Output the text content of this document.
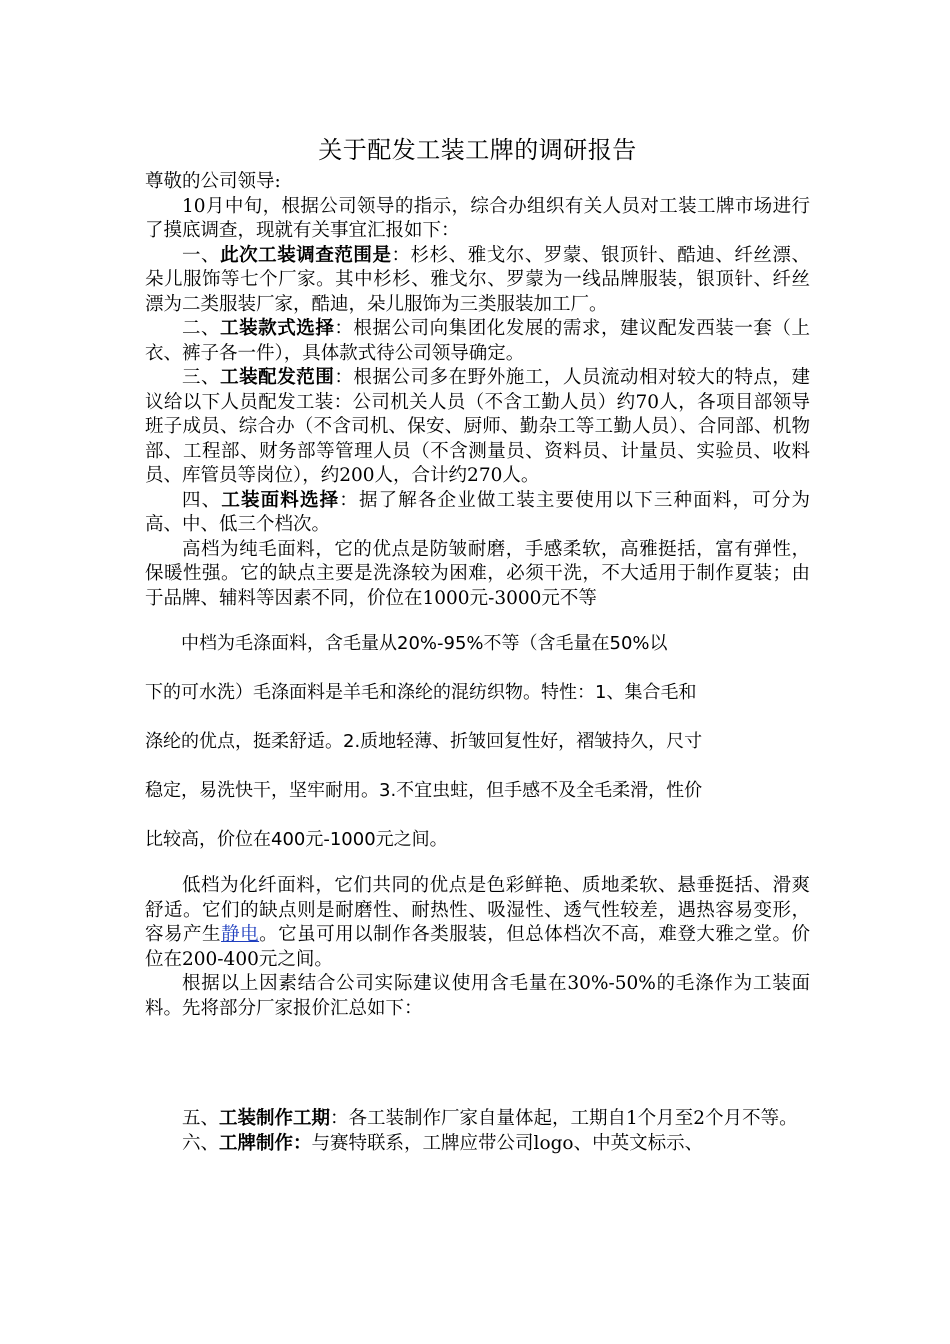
关于配发工装工牌的调研报告

尊敬的公司领导:

10月中旬，根据公司领导的指示，综合办组织有关人员对工装工牌市场进行了摸底调查，现就有关事宜汇报如下：

一、此次工装调查范围是：杉杉、雅戈尔、罗蒙、银顶针、酷迪、纤丝漂、朵儿服饰等七个厂家。其中杉杉、雅戈尔、罗蒙为一线品牌服装，银顶针、纤丝漂为二类服装厂家，酷迪，朵儿服饰为三类服装加工厂。

二、工装款式选择：根据公司向集团化发展的需求，建议配发西装一套（上衣、裤子各一件），具体款式待公司领导确定。

三、工装配发范围：根据公司多在野外施工，人员流动相对较大的特点，建议给以下人员配发工装：公司机关人员（不含工勤人员）约70人，各项目部领导班子成员、综合办（不含司机、保安、厨师、勤杂工等工勤人员）、合同部、机物部、工程部、财务部等管理人员（不含测量员、资料员、计量员、实验员、收料员、库管员等岗位），约200人，合计约270人。

四、工装面料选择：据了解各企业做工装主要使用以下三种面料，可分为高、中、低三个档次。

高档为纯毛面料，它的优点是防皱耐磨，手感柔软，高雅挺括，富有弹性，保暖性强。它的缺点主要是洗涤较为困难，必须干洗，不大适用于制作夏装；由于品牌、辅料等因素不同，价位在1000元-3000元不等

中档为毛涤面料，含毛量从20%-95%不等（含毛量在50%以
下的可水洗）毛涤面料是羊毛和涤纶的混纺织物。特性：1、集合毛和
涤纶的优点，挺柔舒适。2.质地轻薄、折皱回复性好，褶皱持久，尺寸
稳定，易洗快干，坚牢耐用。3.不宜虫蛀，但手感不及全毛柔滑，性价
比较高，价位在400元-1000元之间。

低档为化纤面料，它们共同的优点是色彩鲜艳、质地柔软、悬垂挺括、滑爽舒适。它们的缺点则是耐磨性、耐热性、吸湿性、透气性较差，遇热容易变形，容易产生静电。它虽可用以制作各类服装，但总体档次不高，难登大雅之堂。价位在200-400元之间。

根据以上因素结合公司实际建议使用含毛量在30%-50%的毛涤作为工装面料。先将部分厂家报价汇总如下：

五、工装制作工期：各工装制作厂家自量体起，工期自1个月至2个月不等。

六、工牌制作：与赛特联系，工牌应带公司logo、中英文标示、
